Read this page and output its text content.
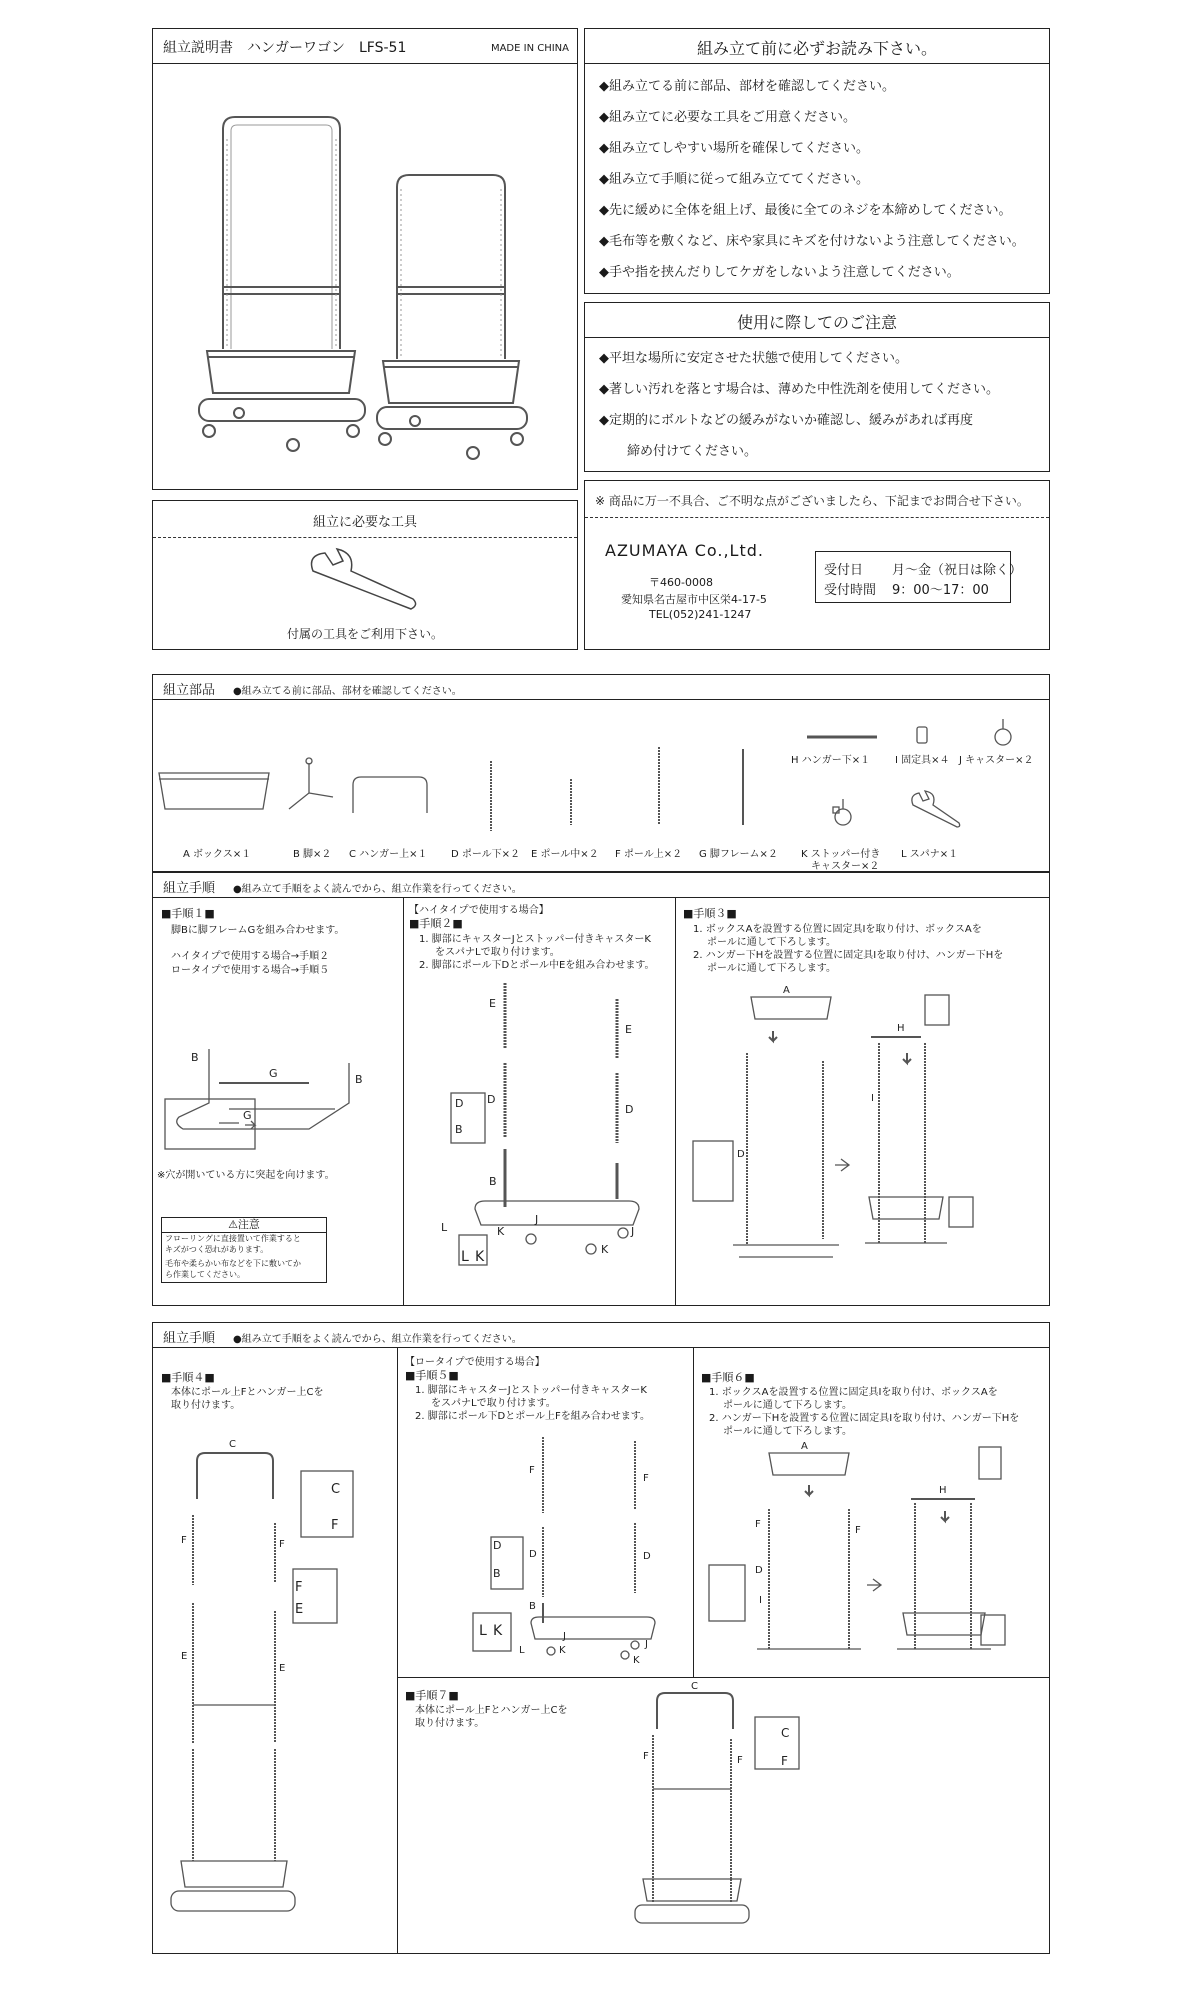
組立説明書　ハンガーワゴン　LFS-51	MADE IN CHINA	組み立て前に必ずお読み下さい。
◆組み立てる前に部品、部材を確認してください。
◆組み立てに必要な工具をご用意ください。
◆組み立てしやすい場所を確保してください。
◆組み立て手順に従って組み立ててください。
◆先に緩めに全体を組上げ、最後に全てのネジを本締めしてください。
◆毛布等を敷くなど、床や家具にキズを付けないよう注意してください。
◆手や指を挟んだりしてケガをしないよう注意してください。
使用に際してのご注意
◆平坦な場所に安定させた状態で使用してください。
◆著しい汚れを落とす場合は、薄めた中性洗剤を使用してください。
◆定期的にボルトなどの緩みがないか確認し、緩みがあれば再度
締め付けてください。
組立に必要な工具
付属の工具をご利用下さい。
※ 商品に万一不具合、ご不明な点がございましたら、下記までお問合せ下さい。
AZUMAYA Co.,Ltd.
〒460-0008
愛知県名古屋市中区栄4-17-5
TEL(052)241-1247
受付日 月～金（祝日は除く）
受付時間 9：00～17：00
組立部品 ●組み立てる前に部品、部材を確認してください。
H ハンガー下×１ I 固定具×４ J キャスター×２
A ボックス×１	B 脚×２ C ハンガー上×１ D ポール下×２ E ポール中×２ F ポール上×２ G 脚フレーム×２ K ストッパー付き
キャスター×２
L スパナ×１
組立手順 ●組み立て手順をよく読んでから、組立作業を行ってください。
■手順１■
脚Bに脚フレームGを組み合わせます。
ハイタイプで使用する場合→手順２
ロータイプで使用する場合→手順５
B
G	B
G
※穴が開いている方に突起を向けます。
⚠注意
フローリングに直接置いて作業すると
キズがつく恐れがあります。
毛布や柔らかい布などを下に敷いてか
ら作業してください。
【ハイタイプで使用する場合】
■手順２■
1. 脚部にキャスターJとストッパー付きキャスターK
をスパナLで取り付けます。
2. 脚部にポール下Dとポール中Eを組み合わせます。
E
E
D
D
D
B
B
J
J
L	K
K
L K
■手順３■
1. ボックスAを設置する位置に固定具Iを取り付け、ボックスAを
ポールに通して下ろします。
2. ハンガー下Hを設置する位置に固定具Iを取り付け、ハンガー下Hを
ポールに通して下ろします。
A
H
D
I
組立手順 ●組み立て手順をよく読んでから、組立作業を行ってください。
■手順４■
本体にポール上Fとハンガー上Cを
取り付けます。
C
F	F
E
E
C
F
F
E
【ロータイプで使用する場合】
■手順５■
1. 脚部にキャスターJとストッパー付きキャスターK
をスパナLで取り付けます。
2. 脚部にポール下Dとポール上Fを組み合わせます。
F
F
D	D
D
B
B
J
J
L K
L	K
K
■手順６■
1. ボックスAを設置する位置に固定具Iを取り付け、ボックスAを
ポールに通して下ろします。
2. ハンガー下Hを設置する位置に固定具Iを取り付け、ハンガー下Hを
ポールに通して下ろします。
A
H
F
F
D
I
■手順７■
本体にポール上Fとハンガー上Cを
取り付けます。
C
F	F
C
F
